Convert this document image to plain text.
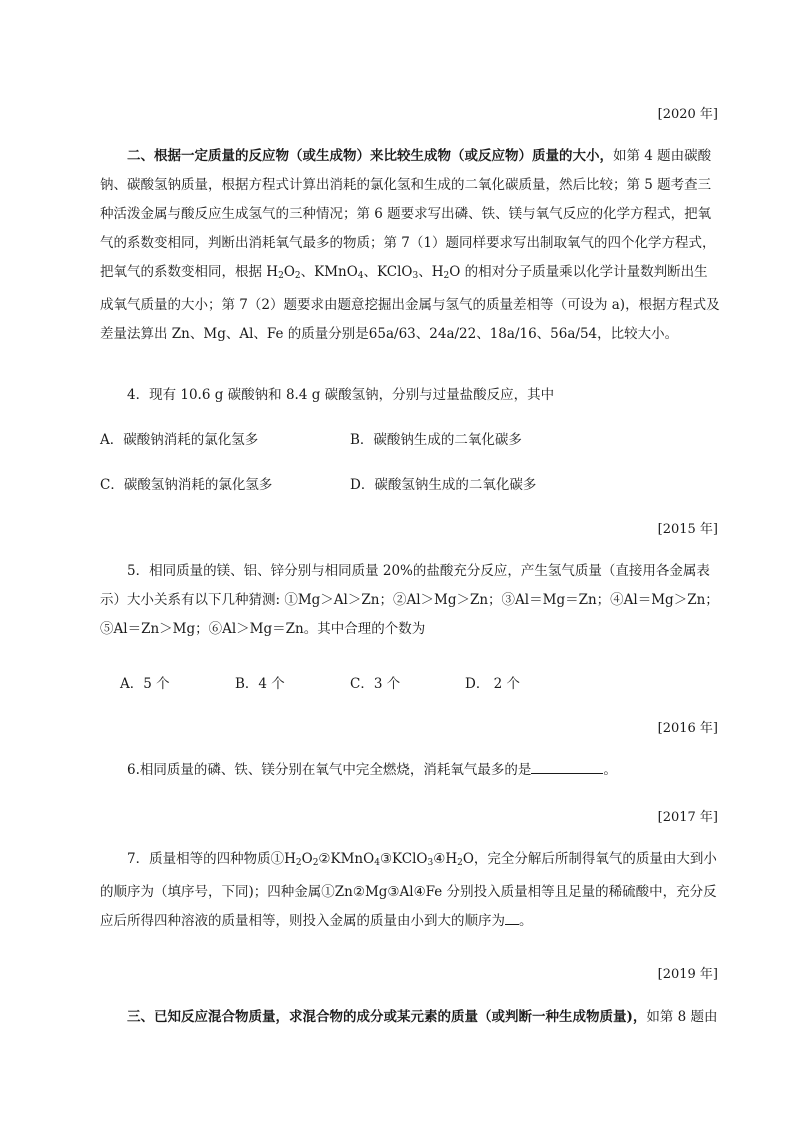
[2020 年]

二、根据一定质量的反应物（或生成物）来比较生成物（或反应物）质量的大小，如第 4 题由碳酸钠、碳酸氢钠质量，根据方程式计算出消耗的氯化氢和生成的二氧化碳质量，然后比较；第 5 题考查三种活泼金属与酸反应生成氢气的三种情况；第 6 题要求写出磷、铁、镁与氧气反应的化学方程式，把氧气的系数变相同，判断出消耗氧气最多的物质；第 7（1）题同样要求写出制取氧气的四个化学方程式，把氧气的系数变相同，根据 $H_2O_2$、KMnO$_4$、KClO$_3$、$H_2O$ 的相对分子质量乘以化学计量数判断出生成氧气质量的大小；第 7（2）题要求由题意挖掘出金属与氢气的质量差相等（可设为 a)，根据方程式及差量法算出 Zn、Mg、Al、Fe 的质量分别是65a/63、24a/22、18a/16、56a/54，比较大小。

4．现有 10.6 g 碳酸钠和 8.4 g 碳酸氢钠，分别与过量盐酸反应，其中

A．碳酸钠消耗的氯化氢多	B．碳酸钠生成的二氧化碳多
C．碳酸氢钠消耗的氯化氢多	D．碳酸氢钠生成的二氧化碳多
[2015 年]

5．相同质量的镁、铝、锌分别与相同质量 20%的盐酸充分反应，产生氢气质量（直接用各金属表示）大小关系有以下几种猜测: ①Mg＞Al＞Zn；②Al＞Mg＞Zn；③Al＝Mg＝Zn；④Al＝Mg＞Zn；⑤Al＝Zn＞Mg；⑥Al＞Mg＝Zn。其中合理的个数为

A．5 个	B．4 个	C．3 个	D． 2 个
[2016 年]

6.相同质量的磷、铁、镁分别在氧气中完全燃烧，消耗氧气最多的是	。

[2017 年]

7．质量相等的四种物质$①H_2O_2②KMnO_4③KClO_3④H_2O$，完全分解后所制得氧气的质量由大到小的顺序为（填序号，下同)；四种金属①Zn②Mg③Al④Fe 分别投入质量相等且足量的稀硫酸中，充分反应后所得四种溶液的质量相等，则投入金属的质量由小到大的顺序为 。

[2019 年]

三、已知反应混合物质量，求混合物的成分或某元素的质量（或判断一种生成物质量)，如第 8 题由
